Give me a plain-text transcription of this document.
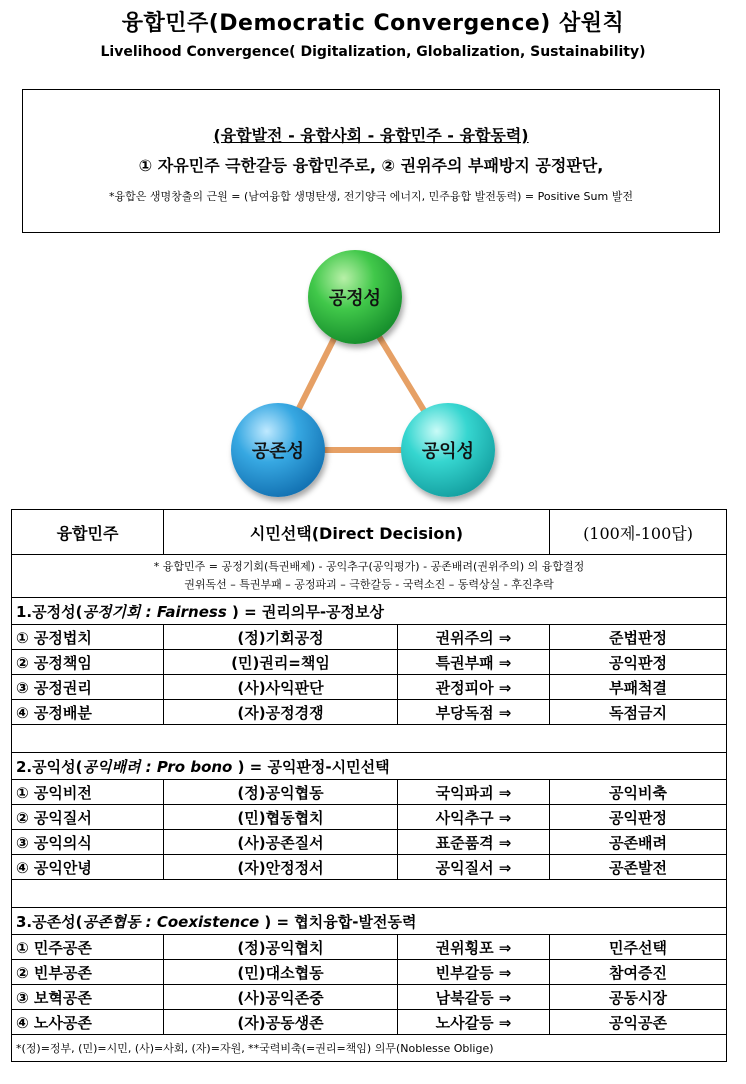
융합민주(Democratic Convergence) 삼원칙
Livelihood Convergence( Digitalization, Globalization, Sustainability)
(융합발전 - 융합사회 - 융합민주 - 융합동력)
① 자유민주 극한갈등 융합민주로, ② 권위주의 부패방지 공정판단,
*융합은 생명창출의 근원 = (남여융합 생명탄생, 전기양극 에너지, 민주융합 발전동력) = Positive Sum 발전
공정성
공존성	공익성
융합민주	시민선택(Direct Decision)		(100제-100답)

* 융합민주 = 공정기회(특권배제) - 공익추구(공익평가) - 공존배려(권위주의) 의 융합결정
권위독선 – 특권부패 – 공정파괴 – 극한갈등 - 국력소진 – 동력상실 - 후진추락			

1.공정성(공정기회 : Fairness ) = 권리의무-공정보상			
① 공정법치	(정)기회공정	권위주의 ⇒	준법판정
② 공정책임	(민)권리=책임	특권부패 ⇒	공익판정
③ 공정권리	(사)사익판단	관정피아 ⇒	부패척결
④ 공정배분	(자)공정경쟁	부당독점 ⇒	독점금지

2.공익성(공익배려 : Pro bono ) = 공익판정-시민선택			
① 공익비전	(정)공익협동	국익파괴 ⇒	공익비축
② 공익질서	(민)협동협치	사익추구 ⇒	공익판정
③ 공익의식	(사)공존질서	표준품격 ⇒	공존배려
④ 공익안녕	(자)안정정서	공익질서 ⇒	공존발전

3.공존성(공존협동 : Coexistence ) = 협치융합-발전동력			
① 민주공존	(정)공익협치	권위횡포 ⇒	민주선택
② 빈부공존	(민)대소협동	빈부갈등 ⇒	참여증진
③ 보혁공존	(사)공익존중	남북갈등 ⇒	공동시장
④ 노사공존	(자)공동생존	노사갈등 ⇒	공익공존
*(정)=정부, (민)=시민, (사)=사회, (자)=자원, **국력비축(=권리=책임) 의무(Noblesse Oblige)			
